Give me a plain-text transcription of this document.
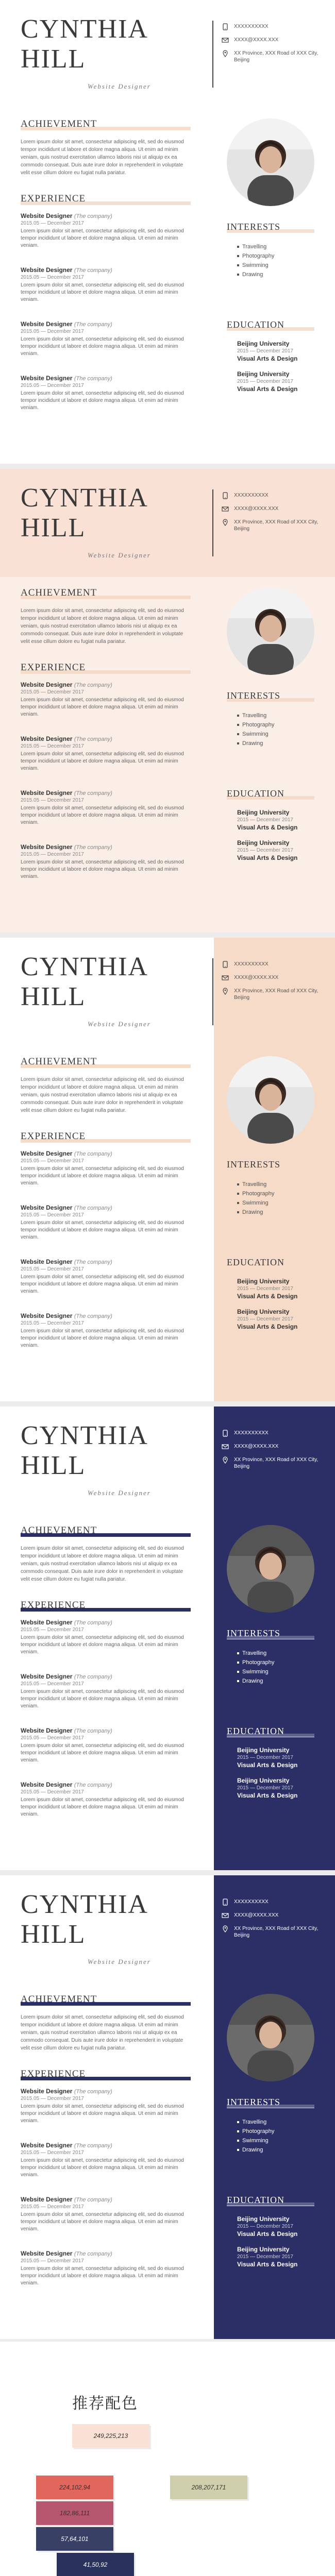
CYNTHIA
HILL
Website Designer
XXXXXXXXXX
XXXX@XXXX.XXX
XX Province, XXX Road of XXX City, Beijing
ACHIEVEMENT
Lorem ipsum dolor sit amet, consectetur adipiscing elit, sed do eiusmod tempor incididunt ut labore et dolore magna aliqua. Ut enim ad minim veniam, quis nostrud exercitation ullamco laboris nisi ut aliquip ex ea commodo consequat. Duis aute irure dolor in reprehenderit in voluptate velit esse cillum dolore eu fugiat nulla pariatur.
EXPERIENCE
Website Designer (The company)
2015.05 — December 2017
Lorem ipsum dolor sit amet, consectetur adipiscing elit, sed do eiusmod tempor incididunt ut labore et dolore magna aliqua. Ut enim ad minim veniam.
Website Designer (The company)
2015.05 — December 2017
Lorem ipsum dolor sit amet, consectetur adipiscing elit, sed do eiusmod tempor incididunt ut labore et dolore magna aliqua. Ut enim ad minim veniam.
Website Designer (The company)
2015.05 — December 2017
Lorem ipsum dolor sit amet, consectetur adipiscing elit, sed do eiusmod tempor incididunt ut labore et dolore magna aliqua. Ut enim ad minim veniam.
Website Designer (The company)
2015.05 — December 2017
Lorem ipsum dolor sit amet, consectetur adipiscing elit, sed do eiusmod tempor incididunt ut labore et dolore magna aliqua. Ut enim ad minim veniam.
INTERESTS
Travelling
Photography
Swimming
Drawing
EDUCATION
Beijing University
2015 — December 2017
Visual Arts & Design
Beijing University
2015 — December 2017
Visual Arts & Design
CYNTHIA
HILL
Website Designer
XXXXXXXXXX
XXXX@XXXX.XXX
XX Province, XXX Road of XXX City, Beijing
ACHIEVEMENT
Lorem ipsum dolor sit amet, consectetur adipiscing elit, sed do eiusmod tempor incididunt ut labore et dolore magna aliqua. Ut enim ad minim veniam, quis nostrud exercitation ullamco laboris nisi ut aliquip ex ea commodo consequat. Duis aute irure dolor in reprehenderit in voluptate velit esse cillum dolore eu fugiat nulla pariatur.
EXPERIENCE
Website Designer (The company)
2015.05 — December 2017
Lorem ipsum dolor sit amet, consectetur adipiscing elit, sed do eiusmod tempor incididunt ut labore et dolore magna aliqua. Ut enim ad minim veniam.
Website Designer (The company)
2015.05 — December 2017
Lorem ipsum dolor sit amet, consectetur adipiscing elit, sed do eiusmod tempor incididunt ut labore et dolore magna aliqua. Ut enim ad minim veniam.
Website Designer (The company)
2015.05 — December 2017
Lorem ipsum dolor sit amet, consectetur adipiscing elit, sed do eiusmod tempor incididunt ut labore et dolore magna aliqua. Ut enim ad minim veniam.
Website Designer (The company)
2015.05 — December 2017
Lorem ipsum dolor sit amet, consectetur adipiscing elit, sed do eiusmod tempor incididunt ut labore et dolore magna aliqua. Ut enim ad minim veniam.
INTERESTS
Travelling
Photography
Swimming
Drawing
EDUCATION
Beijing University
2015 — December 2017
Visual Arts & Design
Beijing University
2015 — December 2017
Visual Arts & Design
CYNTHIA
HILL
Website Designer
XXXXXXXXXX
XXXX@XXXX.XXX
XX Province, XXX Road of XXX City, Beijing
ACHIEVEMENT
Lorem ipsum dolor sit amet, consectetur adipiscing elit, sed do eiusmod tempor incididunt ut labore et dolore magna aliqua. Ut enim ad minim veniam, quis nostrud exercitation ullamco laboris nisi ut aliquip ex ea commodo consequat. Duis aute irure dolor in reprehenderit in voluptate velit esse cillum dolore eu fugiat nulla pariatur.
EXPERIENCE
Website Designer (The company)
2015.05 — December 2017
Lorem ipsum dolor sit amet, consectetur adipiscing elit, sed do eiusmod tempor incididunt ut labore et dolore magna aliqua. Ut enim ad minim veniam.
Website Designer (The company)
2015.05 — December 2017
Lorem ipsum dolor sit amet, consectetur adipiscing elit, sed do eiusmod tempor incididunt ut labore et dolore magna aliqua. Ut enim ad minim veniam.
Website Designer (The company)
2015.05 — December 2017
Lorem ipsum dolor sit amet, consectetur adipiscing elit, sed do eiusmod tempor incididunt ut labore et dolore magna aliqua. Ut enim ad minim veniam.
Website Designer (The company)
2015.05 — December 2017
Lorem ipsum dolor sit amet, consectetur adipiscing elit, sed do eiusmod tempor incididunt ut labore et dolore magna aliqua. Ut enim ad minim veniam.
INTERESTS
Travelling
Photography
Swimming
Drawing
EDUCATION
Beijing University
2015 — December 2017
Visual Arts & Design
Beijing University
2015 — December 2017
Visual Arts & Design
CYNTHIA
HILL
Website Designer
XXXXXXXXXX
XXXX@XXXX.XXX
XX Province, XXX Road of XXX City, Beijing
ACHIEVEMENT
Lorem ipsum dolor sit amet, consectetur adipiscing elit, sed do eiusmod tempor incididunt ut labore et dolore magna aliqua. Ut enim ad minim veniam, quis nostrud exercitation ullamco laboris nisi ut aliquip ex ea commodo consequat. Duis aute irure dolor in reprehenderit in voluptate velit esse cillum dolore eu fugiat nulla pariatur.
EXPERIENCE
Website Designer (The company)
2015.05 — December 2017
Lorem ipsum dolor sit amet, consectetur adipiscing elit, sed do eiusmod tempor incididunt ut labore et dolore magna aliqua. Ut enim ad minim veniam.
Website Designer (The company)
2015.05 — December 2017
Lorem ipsum dolor sit amet, consectetur adipiscing elit, sed do eiusmod tempor incididunt ut labore et dolore magna aliqua. Ut enim ad minim veniam.
Website Designer (The company)
2015.05 — December 2017
Lorem ipsum dolor sit amet, consectetur adipiscing elit, sed do eiusmod tempor incididunt ut labore et dolore magna aliqua. Ut enim ad minim veniam.
Website Designer (The company)
2015.05 — December 2017
Lorem ipsum dolor sit amet, consectetur adipiscing elit, sed do eiusmod tempor incididunt ut labore et dolore magna aliqua. Ut enim ad minim veniam.
INTERESTS
Travelling
Photography
Swimming
Drawing
EDUCATION
Beijing University
2015 — December 2017
Visual Arts & Design
Beijing University
2015 — December 2017
Visual Arts & Design
CYNTHIA
HILL
Website Designer
XXXXXXXXXX
XXXX@XXXX.XXX
XX Province, XXX Road of XXX City, Beijing
ACHIEVEMENT
Lorem ipsum dolor sit amet, consectetur adipiscing elit, sed do eiusmod tempor incididunt ut labore et dolore magna aliqua. Ut enim ad minim veniam, quis nostrud exercitation ullamco laboris nisi ut aliquip ex ea commodo consequat. Duis aute irure dolor in reprehenderit in voluptate velit esse cillum dolore eu fugiat nulla pariatur.
EXPERIENCE
Website Designer (The company)
2015.05 — December 2017
Lorem ipsum dolor sit amet, consectetur adipiscing elit, sed do eiusmod tempor incididunt ut labore et dolore magna aliqua. Ut enim ad minim veniam.
Website Designer (The company)
2015.05 — December 2017
Lorem ipsum dolor sit amet, consectetur adipiscing elit, sed do eiusmod tempor incididunt ut labore et dolore magna aliqua. Ut enim ad minim veniam.
Website Designer (The company)
2015.05 — December 2017
Lorem ipsum dolor sit amet, consectetur adipiscing elit, sed do eiusmod tempor incididunt ut labore et dolore magna aliqua. Ut enim ad minim veniam.
Website Designer (The company)
2015.05 — December 2017
Lorem ipsum dolor sit amet, consectetur adipiscing elit, sed do eiusmod tempor incididunt ut labore et dolore magna aliqua. Ut enim ad minim veniam.
INTERESTS
Travelling
Photography
Swimming
Drawing
EDUCATION
Beijing University
2015 — December 2017
Visual Arts & Design
Beijing University
2015 — December 2017
Visual Arts & Design
推荐配色
249,225,213
224,102,94
182,86,111
57,64,101
208,207,171
41,50,92
